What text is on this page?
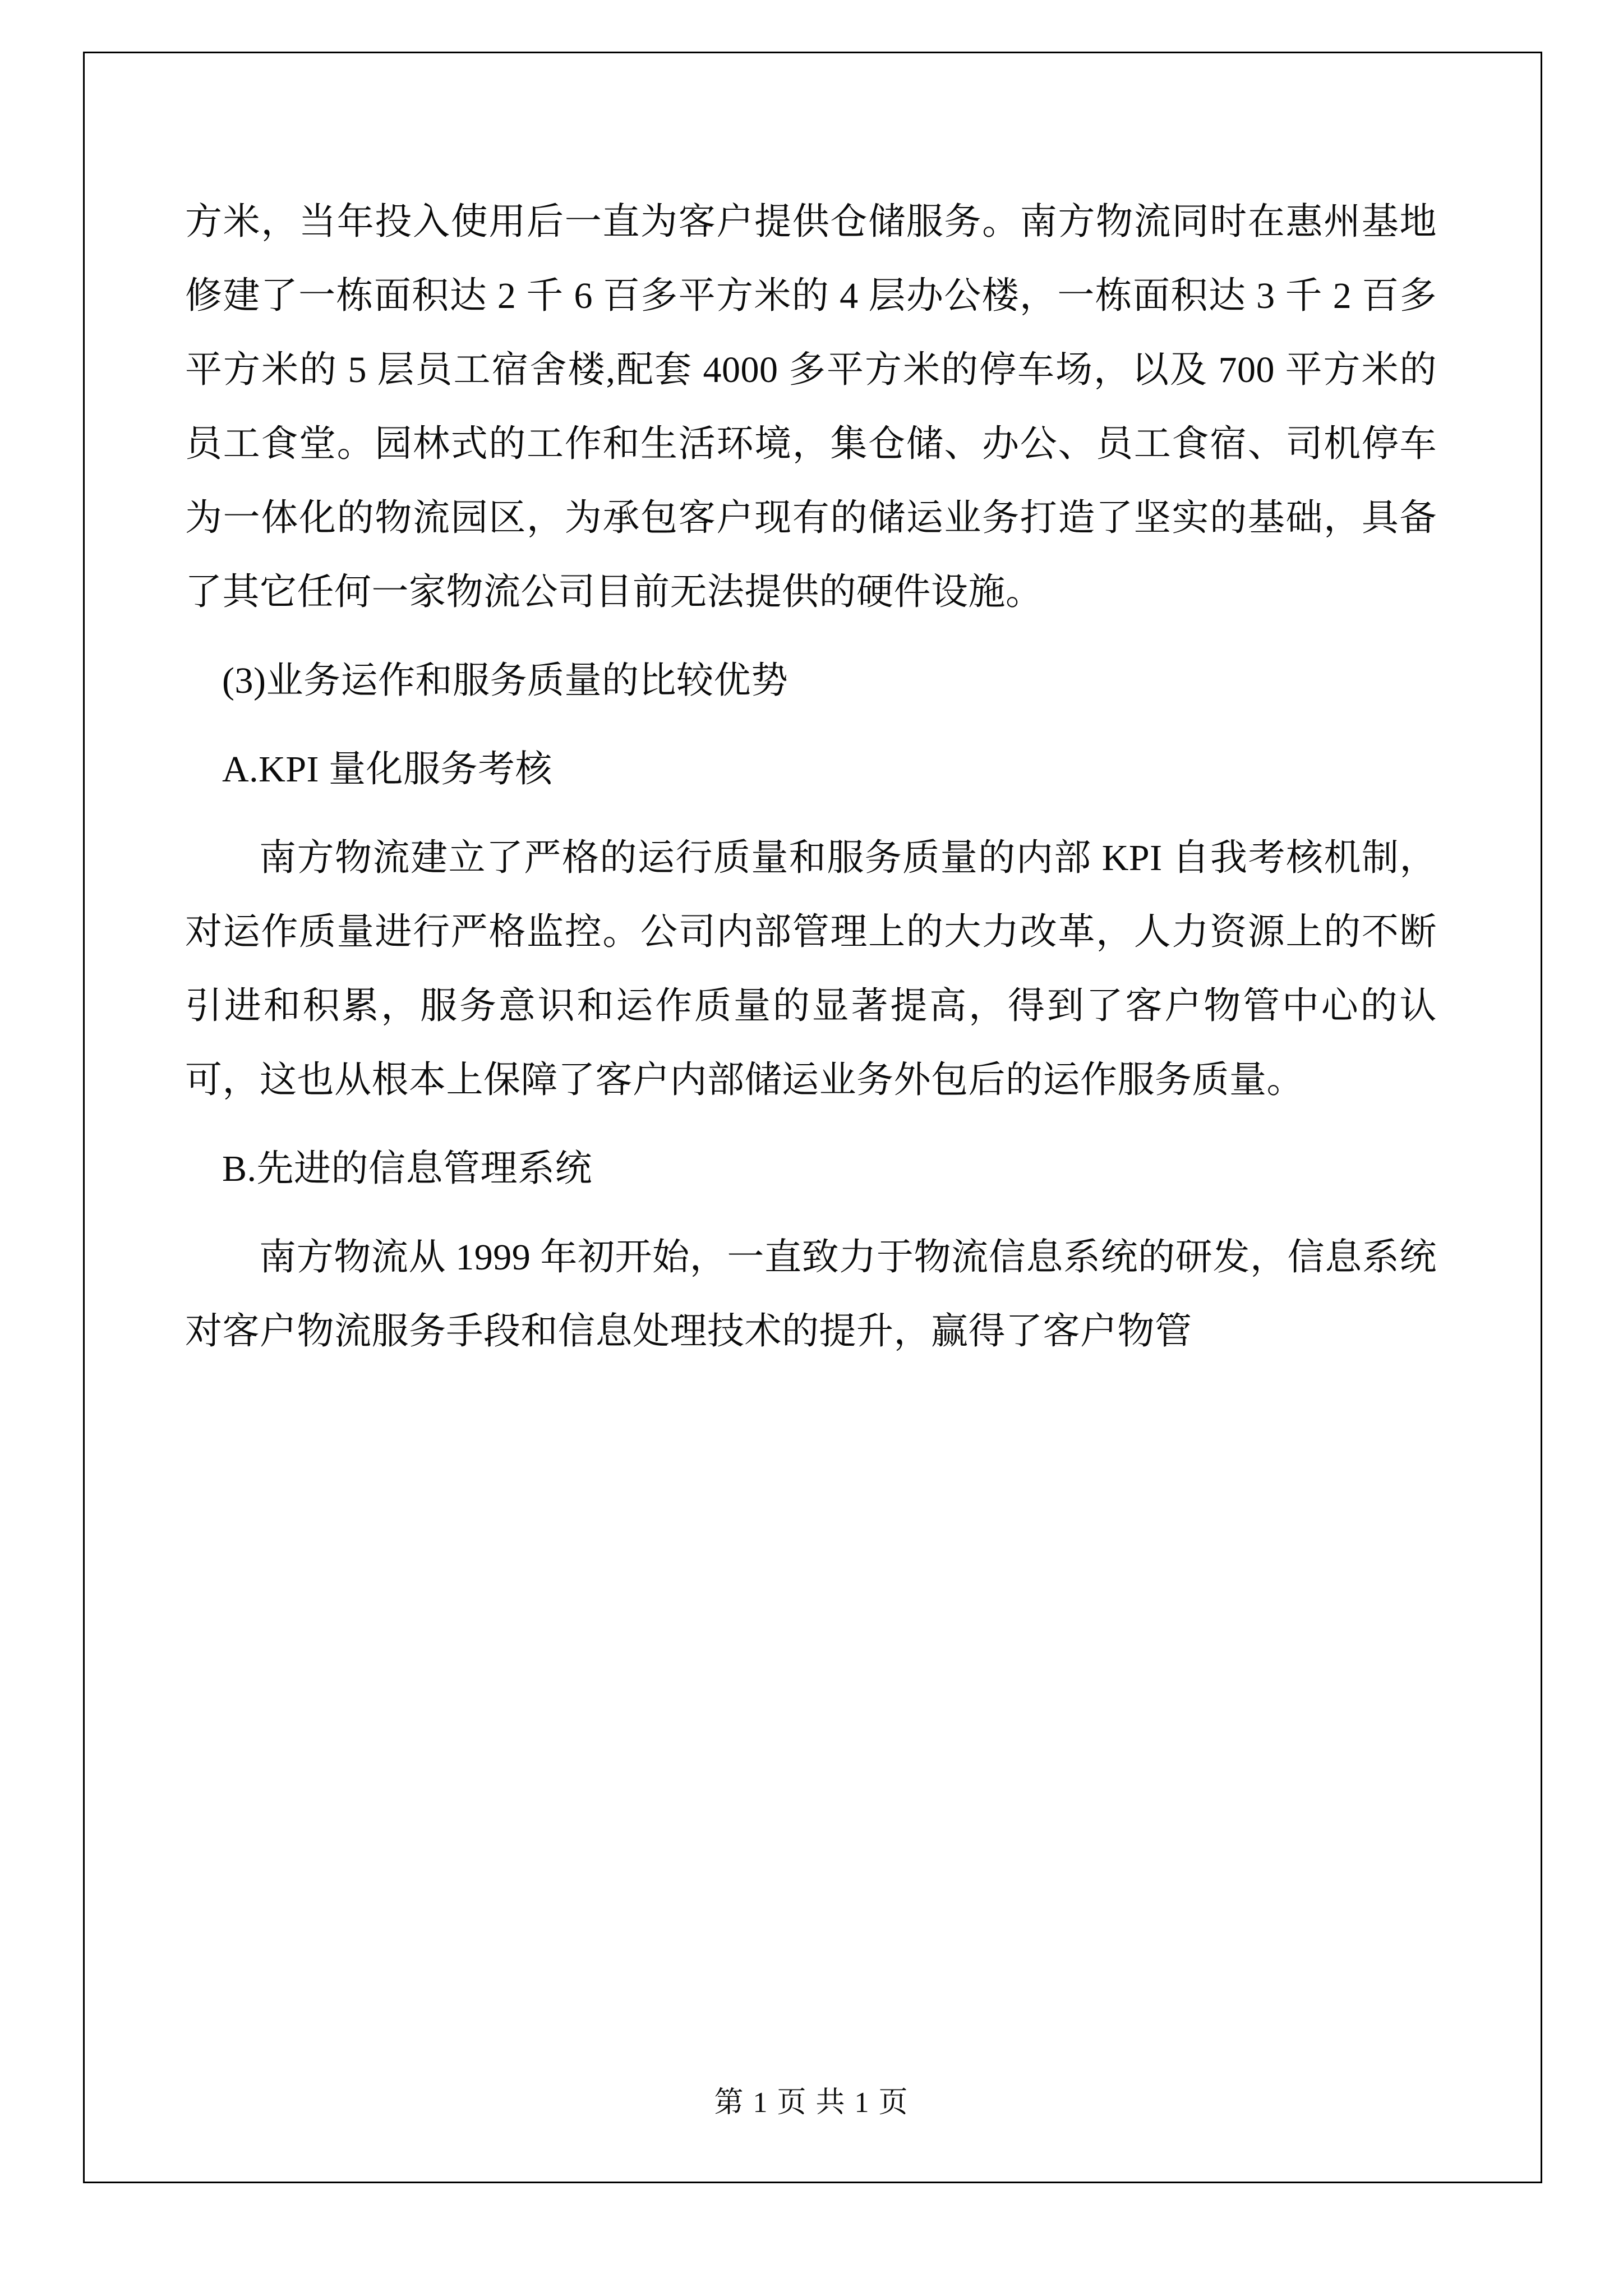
方米，当年投入使用后一直为客户提供仓储服务。南方物流同时在惠州基地修建了一栋面积达 2 千 6 百多平方米的 4 层办公楼，一栋面积达 3 千 2 百多平方米的 5 层员工宿舍楼,配套 4000 多平方米的停车场，以及 700 平方米的员工食堂。园林式的工作和生活环境，集仓储、办公、员工食宿、司机停车为一体化的物流园区，为承包客户现有的储运业务打造了坚实的基础，具备了其它任何一家物流公司目前无法提供的硬件设施。

(3)业务运作和服务质量的比较优势

A.KPI 量化服务考核

南方物流建立了严格的运行质量和服务质量的内部 KPI 自我考核机制，对运作质量进行严格监控。公司内部管理上的大力改革，人力资源上的不断引进和积累，服务意识和运作质量的显著提高，得到了客户物管中心的认可，这也从根本上保障了客户内部储运业务外包后的运作服务质量。

B.先进的信息管理系统

南方物流从 1999 年初开始，一直致力于物流信息系统的研发，信息系统对客户物流服务手段和信息处理技术的提升，赢得了客户物管

第 1 页 共 1 页
